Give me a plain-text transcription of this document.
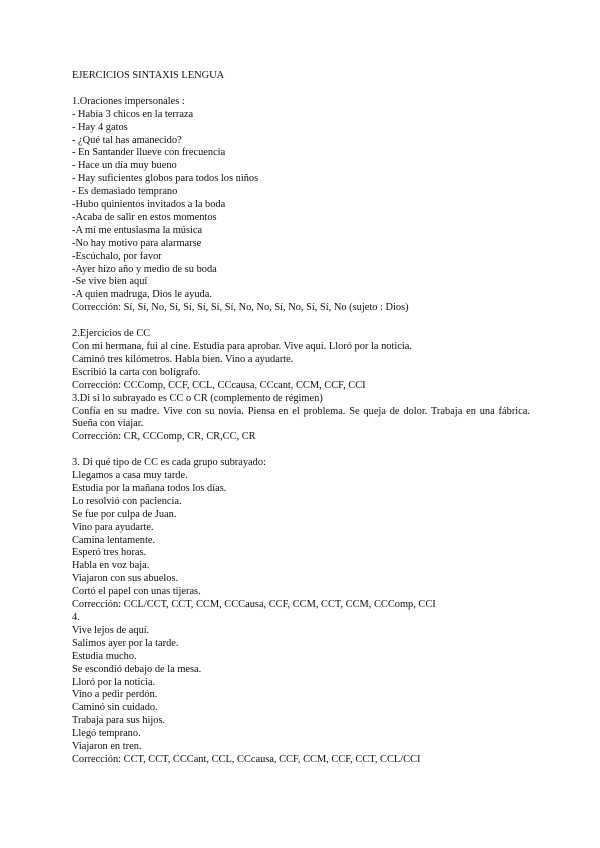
EJERCICIOS SINTAXIS LENGUA
1.Oraciones impersonales :
- Había 3 chicos en la terraza
- Hay 4 gatos
- ¿Qué tal has amanecido?
- En Santander llueve con frecuencia
- Hace un día muy bueno
- Hay suficientes globos para todos los niños
- Es demasiado temprano
-Hubo quinientos invitados a la boda
-Acaba de salir en estos momentos
-A mí me entusiasma la música
-No hay motivo para alarmarse
-Escúchalo, por favor
-Ayer hizo año y medio de su boda
-Se vive bien aquí
-A quien madruga, Dios le ayuda.
Corrección: Sí, Sí, No, Sí, Sí, Sí, Sí, Sí, No, No, Sí, No, Sí, Sí, No (sujeto : Dios)
2.Ejercicios de CC
Con mi hermana, fui al cine. Estudia para aprobar. Vive aquí. Lloró por la noticia.
Caminó tres kilómetros. Habla bien. Vino a ayudarte.
Escribió la carta con bolígrafo.
Corrección: CCComp, CCF, CCL, CCcausa, CCcant, CCM, CCF, CCI
3.Di si lo subrayado es CC o CR (complemento de régimen)
Confía en su madre. Vive con su novia. Piensa en el problema. Se queja de dolor. Trabaja en una fábrica. Sueña con viajar.
Corrección: CR, CCComp, CR, CR,CC, CR
3. Di qué tipo de CC es cada grupo subrayado:
Llegamos a casa muy tarde.
Estudia por la mañana todos los días.
Lo resolvió con paciencia.
Se fue por culpa de Juan.
Vino para ayudarte.
Camina lentamente.
Esperó tres horas.
Habla en voz baja.
Viajaron con sus abuelos.
Cortó el papel con unas tijeras.
Corrección: CCL/CCT, CCT, CCM, CCCausa, CCF, CCM, CCT, CCM, CCComp, CCI
4.
Vive lejos de aquí.
Salimos ayer por la tarde.
Estudia mucho.
Se escondió debajo de la mesa.
Lloró por la noticia.
Vino a pedir perdón.
Caminó sin cuidado.
Trabaja para sus hijos.
Llegó temprano.
Viajaron en tren.
Corrección: CCT, CCT, CCCant, CCL, CCcausa, CCF, CCM, CCF, CCT, CCL/CCI
